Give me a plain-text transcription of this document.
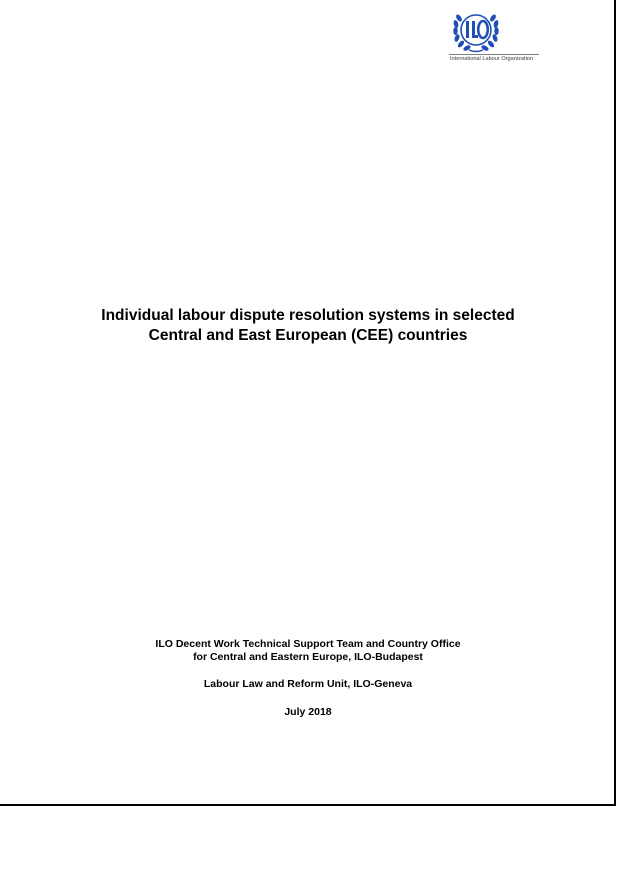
International Labour Organization
Individual labour dispute resolution systems in selected
Central and East European (CEE) countries
ILO Decent Work Technical Support Team and Country Office
for Central and Eastern Europe, ILO-Budapest
Labour Law and Reform Unit, ILO-Geneva
July 2018
